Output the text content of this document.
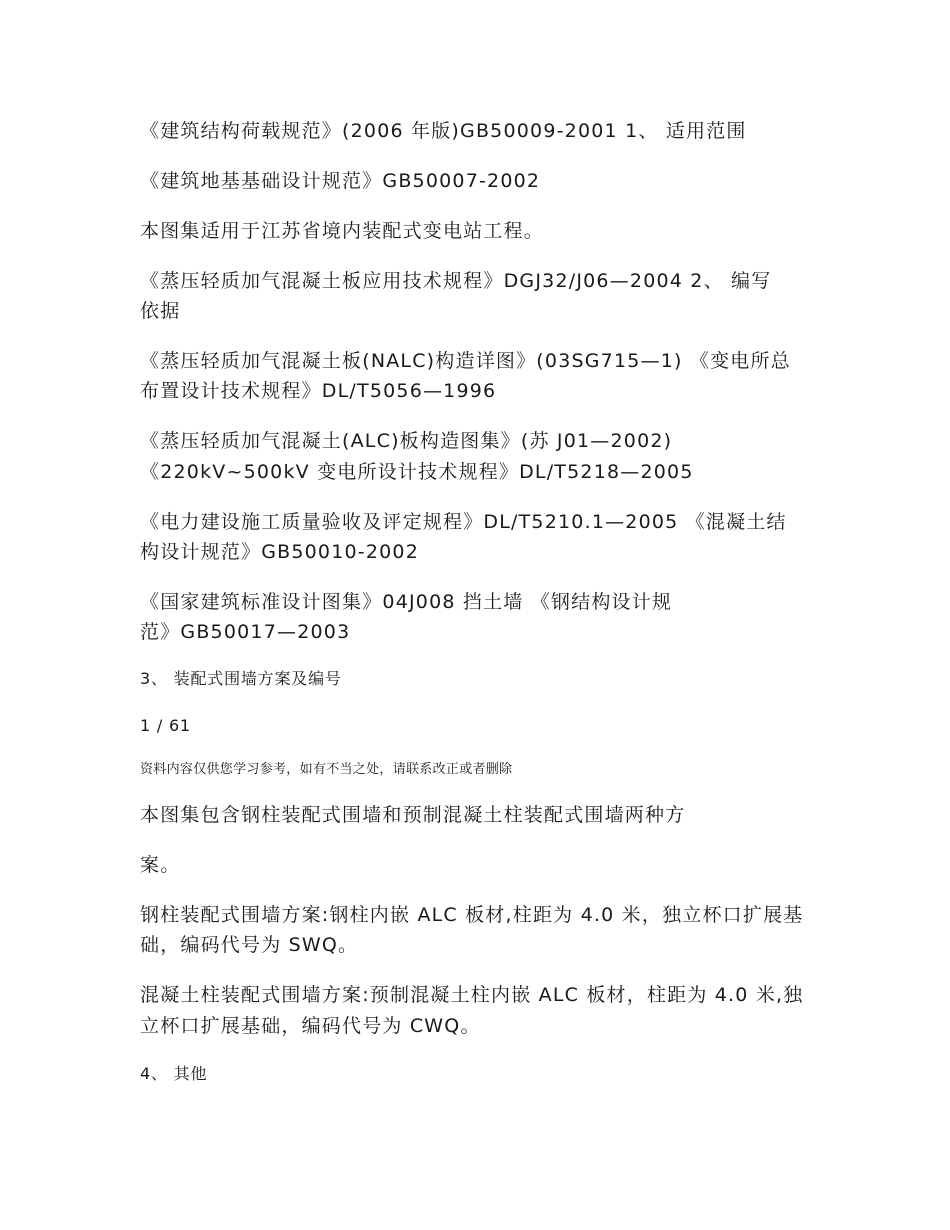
《建筑结构荷载规范》(2006 年版)GB50009-2001 1、 适用范围
《建筑地基基础设计规范》GB50007-2002
本图集适用于江苏省境内装配式变电站工程。
《蒸压轻质加气混凝土板应用技术规程》DGJ32/J06—2004 2、 编写
依据
《蒸压轻质加气混凝土板(NALC)构造详图》(03SG715—1) 《变电所总
布置设计技术规程》DL/T5056—1996
《蒸压轻质加气混凝土(ALC)板构造图集》(苏 J01—2002)
《220kV~500kV 变电所设计技术规程》DL/T5218—2005
《电力建设施工质量验收及评定规程》DL/T5210.1—2005 《混凝土结
构设计规范》GB50010-2002
《国家建筑标准设计图集》04J008 挡土墙 《钢结构设计规
范》GB50017—2003
3、 装配式围墙方案及编号
1 / 61
资料内容仅供您学习参考，如有不当之处，请联系改正或者删除
本图集包含钢柱装配式围墙和预制混凝土柱装配式围墙两种方
案。
钢柱装配式围墙方案:钢柱内嵌 ALC 板材,柱距为 4.0 米，独立杯口扩展基
础，编码代号为 SWQ。
混凝土柱装配式围墙方案:预制混凝土柱内嵌 ALC 板材，柱距为 4.0 米,独
立杯口扩展基础，编码代号为 CWQ。
4、 其他
